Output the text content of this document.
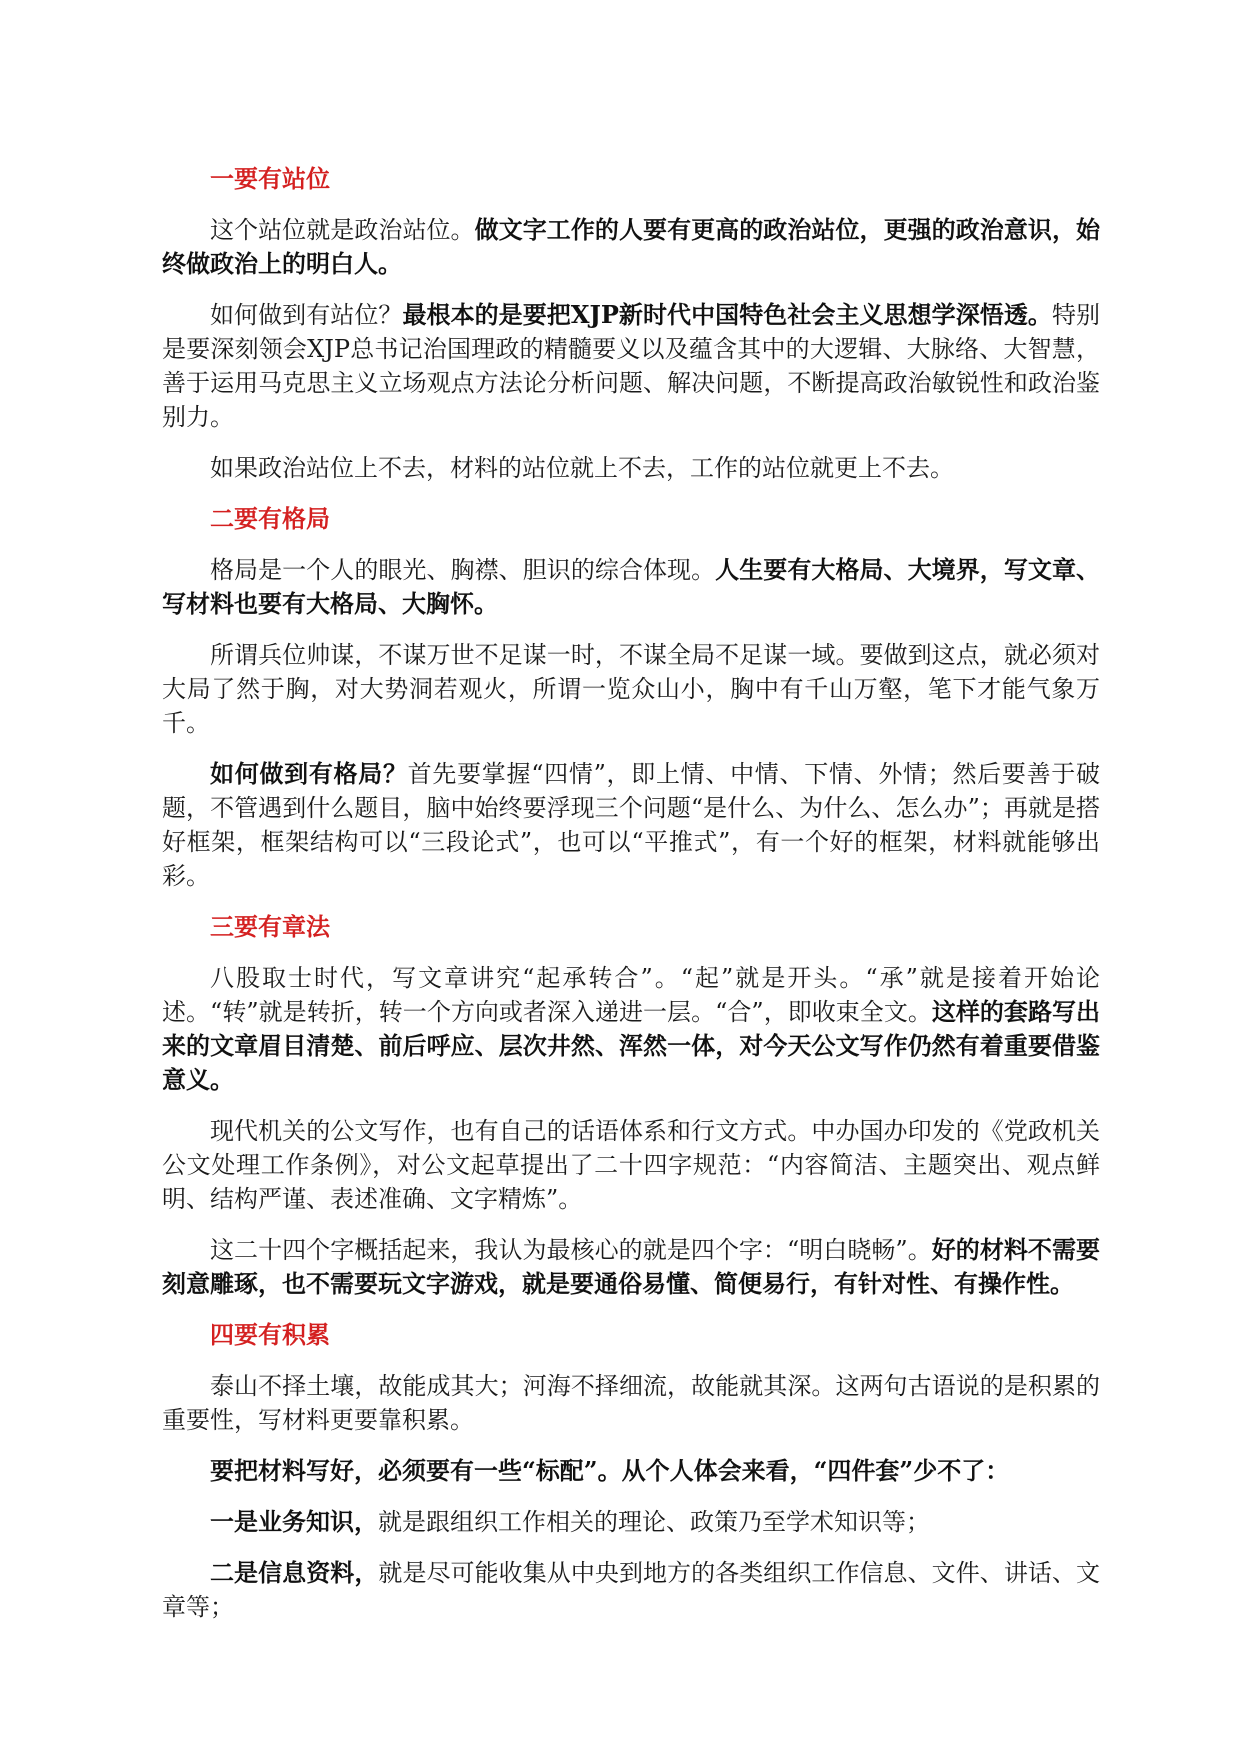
一要有站位

这个站位就是政治站位。做文字工作的人要有更高的政治站位，更强的政治意识，始终做政治上的明白人。

如何做到有站位？最根本的是要把XJP新时代中国特色社会主义思想学深悟透。特别是要深刻领会XJP总书记治国理政的精髓要义以及蕴含其中的大逻辑、大脉络、大智慧，善于运用马克思主义立场观点方法论分析问题、解决问题，不断提高政治敏锐性和政治鉴别力。

如果政治站位上不去，材料的站位就上不去，工作的站位就更上不去。

二要有格局

格局是一个人的眼光、胸襟、胆识的综合体现。人生要有大格局、大境界，写文章、写材料也要有大格局、大胸怀。

所谓兵位帅谋，不谋万世不足谋一时，不谋全局不足谋一域。要做到这点，就必须对大局了然于胸，对大势洞若观火，所谓一览众山小，胸中有千山万壑，笔下才能气象万千。

如何做到有格局？首先要掌握“四情”，即上情、中情、下情、外情；然后要善于破题，不管遇到什么题目，脑中始终要浮现三个问题“是什么、为什么、怎么办”；再就是搭好框架，框架结构可以“三段论式”，也可以“平推式”，有一个好的框架，材料就能够出彩。

三要有章法

八股取士时代，写文章讲究“起承转合”。“起”就是开头。“承”就是接着开始论述。“转”就是转折，转一个方向或者深入递进一层。“合”，即收束全文。这样的套路写出来的文章眉目清楚、前后呼应、层次井然、浑然一体，对今天公文写作仍然有着重要借鉴意义。

现代机关的公文写作，也有自己的话语体系和行文方式。中办国办印发的《党政机关公文处理工作条例》，对公文起草提出了二十四字规范：“内容简洁、主题突出、观点鲜明、结构严谨、表述准确、文字精炼”。

这二十四个字概括起来，我认为最核心的就是四个字：“明白晓畅”。好的材料不需要刻意雕琢，也不需要玩文字游戏，就是要通俗易懂、简便易行，有针对性、有操作性。

四要有积累

泰山不择土壤，故能成其大；河海不择细流，故能就其深。这两句古语说的是积累的重要性，写材料更要靠积累。

要把材料写好，必须要有一些“标配”。从个人体会来看，“四件套”少不了：

一是业务知识，就是跟组织工作相关的理论、政策乃至学术知识等；

二是信息资料，就是尽可能收集从中央到地方的各类组织工作信息、文件、讲话、文章等；
